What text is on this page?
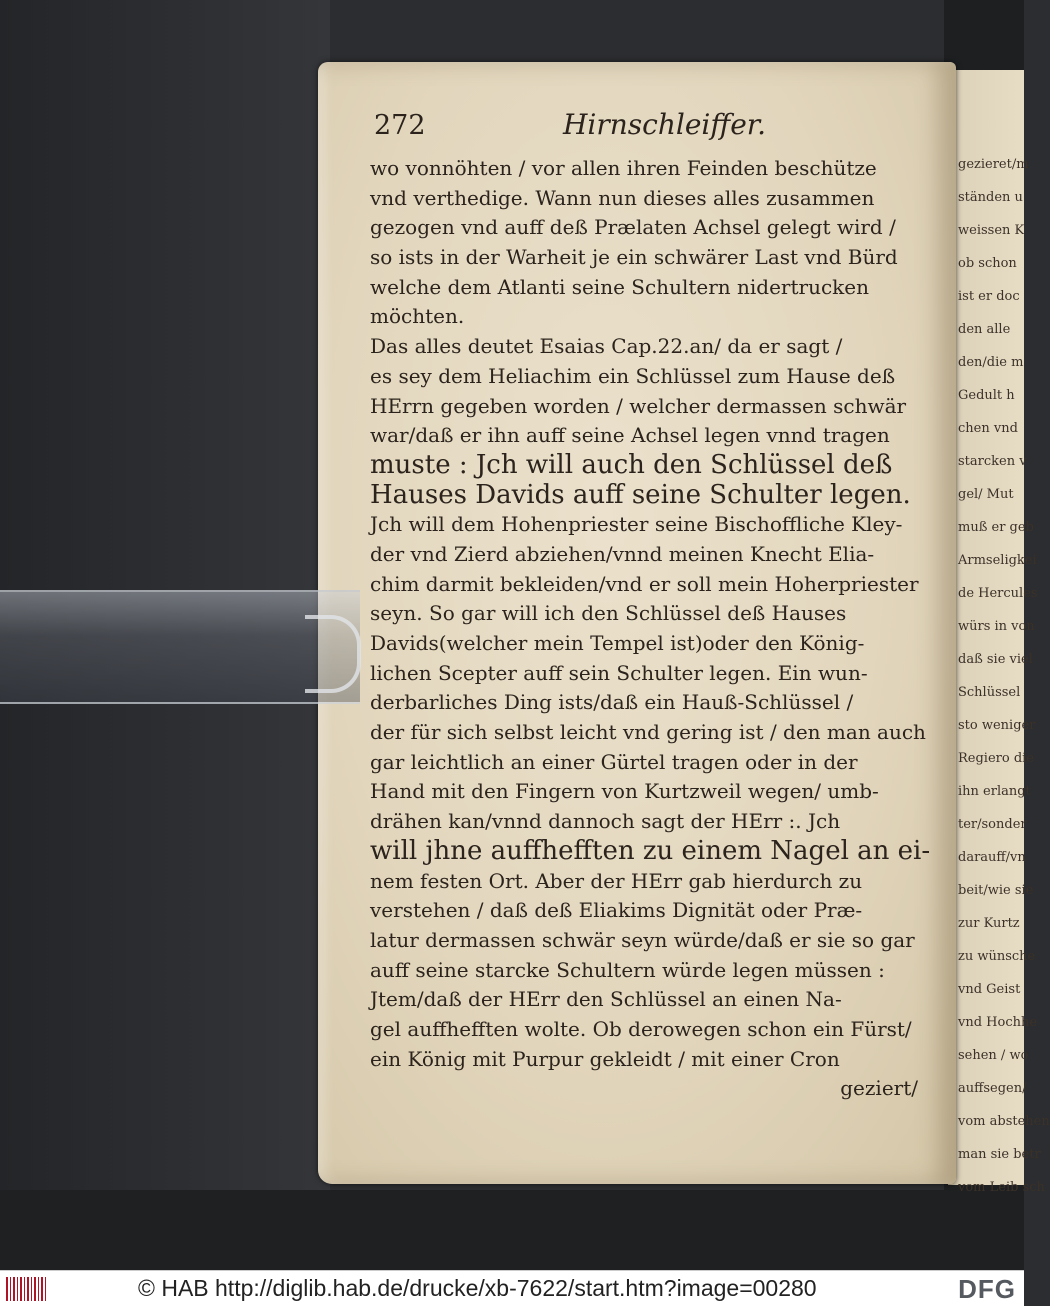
gezieret/m
ständen u
weissen K
ob schon
ist er doc
den alle
den/die m
Gedult h
chen vnd
starcken v
gel/ Mut
muß er geb
Armseligkei
de Hercules
würs in von
daß sie viel
Schlüssel
sto weniger
Regiero die
ihn erlangt
ter/sonder
darauff/vn
beit/wie sie
zur Kurtz
zu wünsche
vnd Geist
vnd Hochhe
sehen / wo
auffsegen/
vom abstehen
man sie betr
vom Leib sch
272	Hirnschleiffer.
wo vonnöhten / vor allen ihren Feinden beschütze
vnd verthedige. Wann nun dieses alles zusammen
gezogen vnd auff deß Prælaten Achsel gelegt wird /
so ists in der Warheit je ein schwärer Last vnd Bürd
welche dem Atlanti seine Schultern nidertrucken
möchten.
Das alles deutet Esaias Cap.22.an/ da er sagt /
es sey dem Heliachim ein Schlüssel zum Hause deß
HErrn gegeben worden / welcher dermassen schwär
war/daß er ihn auff seine Achsel legen vnnd tragen
muste : Jch will auch den Schlüssel deß
Hauses Davids auff seine Schulter legen.
Jch will dem Hohenpriester seine Bischoffliche Kley-
der vnd Zierd abziehen/vnnd meinen Knecht Elia-
chim darmit bekleiden/vnd er soll mein Hoherpriester
seyn. So gar will ich den Schlüssel deß Hauses
Davids(welcher mein Tempel ist)oder den König-
lichen Scepter auff sein Schulter legen. Ein wun-
derbarliches Ding ists/daß ein Hauß-Schlüssel /
der für sich selbst leicht vnd gering ist / den man auch
gar leichtlich an einer Gürtel tragen oder in der
Hand mit den Fingern von Kurtzweil wegen/ umb-
drähen kan/vnnd dannoch sagt der HErr :. Jch
will jhne auffhefften zu einem Nagel an ei-
nem festen Ort. Aber der HErr gab hierdurch zu
verstehen / daß deß Eliakims Dignität oder Præ-
latur dermassen schwär seyn würde/daß er sie so gar
auff seine starcke Schultern würde legen müssen :
Jtem/daß der HErr den Schlüssel an einen Na-
gel auffhefften wolte. Ob derowegen schon ein Fürst/
ein König mit Purpur gekleidt / mit einer Cron
geziert/
© HAB http://diglib.hab.de/drucke/xb-7622/start.htm?image=00280	DFG
